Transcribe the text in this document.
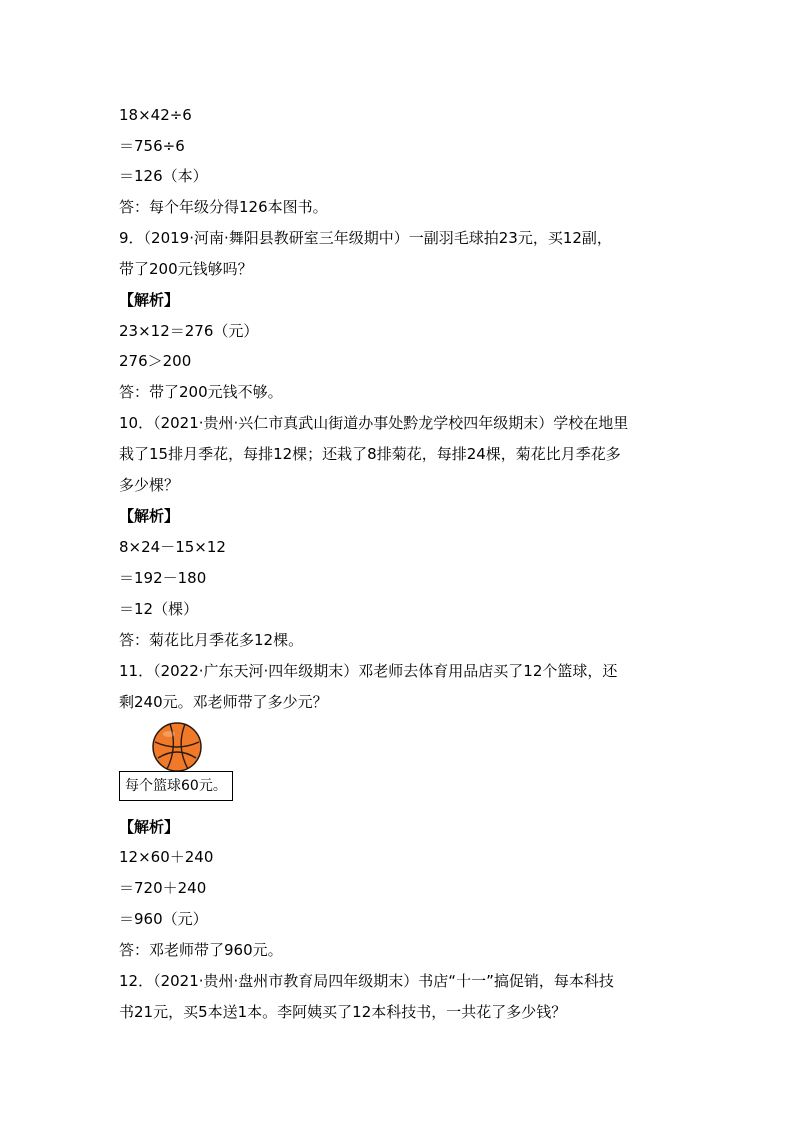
18×42÷6
＝756÷6
＝126（本）
答：每个年级分得126本图书。
9．（2019·河南·舞阳县教研室三年级期中）一副羽毛球拍23元，买12副，
带了200元钱够吗？
【解析】
23×12＝276（元）
276＞200
答：带了200元钱不够。
10．（2021·贵州·兴仁市真武山街道办事处黔龙学校四年级期末）学校在地里
栽了15排月季花，每排12棵；还栽了8排菊花，每排24棵，菊花比月季花多
多少棵？
【解析】
8×24－15×12
＝192－180
＝12（棵）
答：菊花比月季花多12棵。
11．（2022·广东天河·四年级期末）邓老师去体育用品店买了12个篮球，还
剩240元。邓老师带了多少元？
每个篮球60元。
【解析】
12×60＋240
＝720＋240
＝960（元）
答：邓老师带了960元。
12．（2021·贵州·盘州市教育局四年级期末）书店“十一”搞促销，每本科技
书21元，买5本送1本。李阿姨买了12本科技书，一共花了多少钱？
